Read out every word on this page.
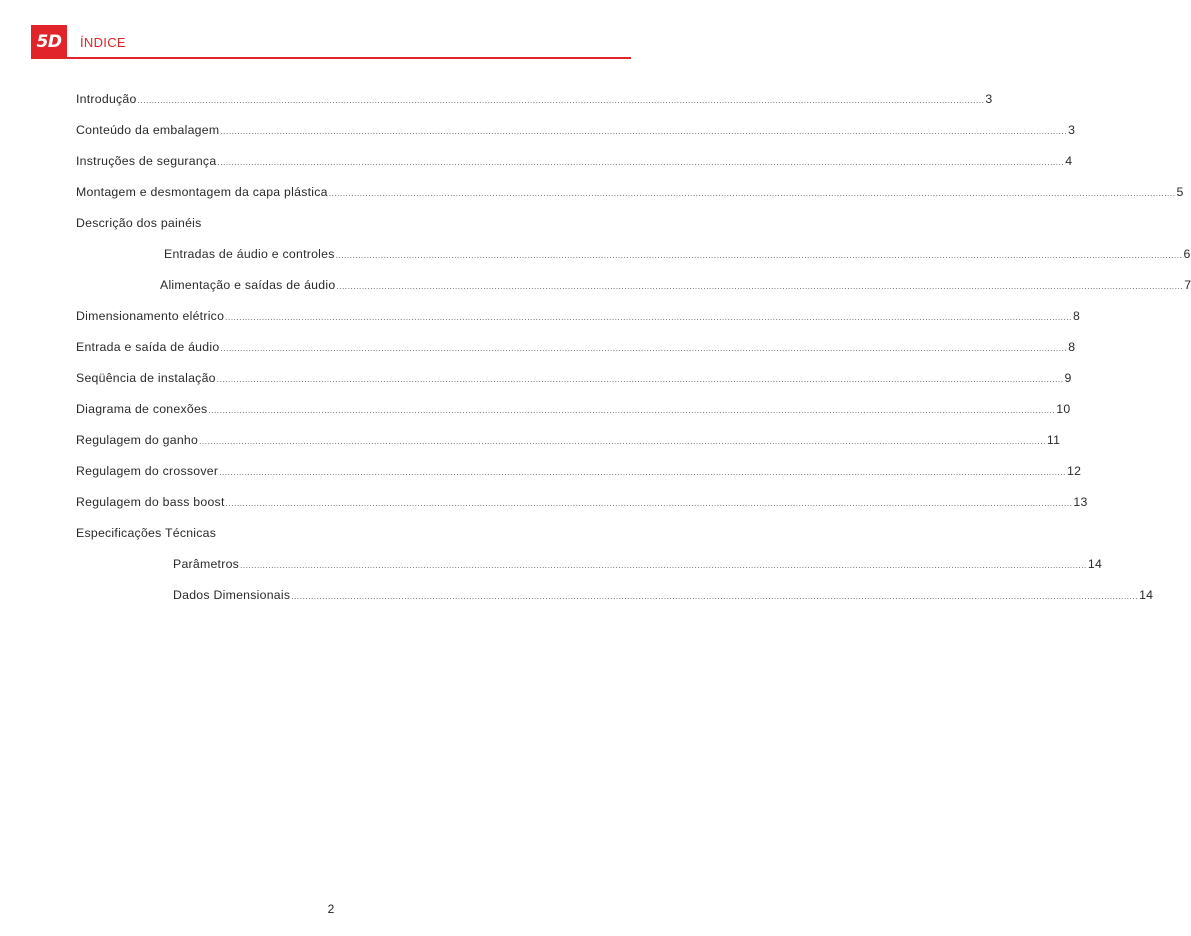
5D	ÍNDICE
Introdução ............................................................................................................................................................................................................................................................................................................ 3
Conteúdo da embalagem ............................................................................................................................................................................................................................................................................................................ 3
Instruções de segurança ............................................................................................................................................................................................................................................................................................................ 4
Montagem e desmontagem da capa plástica ............................................................................................................................................................................................................................................................................................................ 5
Descrição dos painéis
Entradas de áudio e controles ............................................................................................................................................................................................................................................................................................................ 6
Alimentação e saídas de áudio ............................................................................................................................................................................................................................................................................................................ 7
Dimensionamento elétrico ............................................................................................................................................................................................................................................................................................................ 8
Entrada e saída de áudio ............................................................................................................................................................................................................................................................................................................ 8
Seqüência de instalação ............................................................................................................................................................................................................................................................................................................ 9
Diagrama de conexões ............................................................................................................................................................................................................................................................................................................ 10
Regulagem do ganho ............................................................................................................................................................................................................................................................................................................ 11
Regulagem do crossover ............................................................................................................................................................................................................................................................................................................ 12
Regulagem do bass boost ............................................................................................................................................................................................................................................................................................................ 13
Especificações Técnicas
Parâmetros ............................................................................................................................................................................................................................................................................................................ 14
Dados Dimensionais ............................................................................................................................................................................................................................................................................................................ 14
2
